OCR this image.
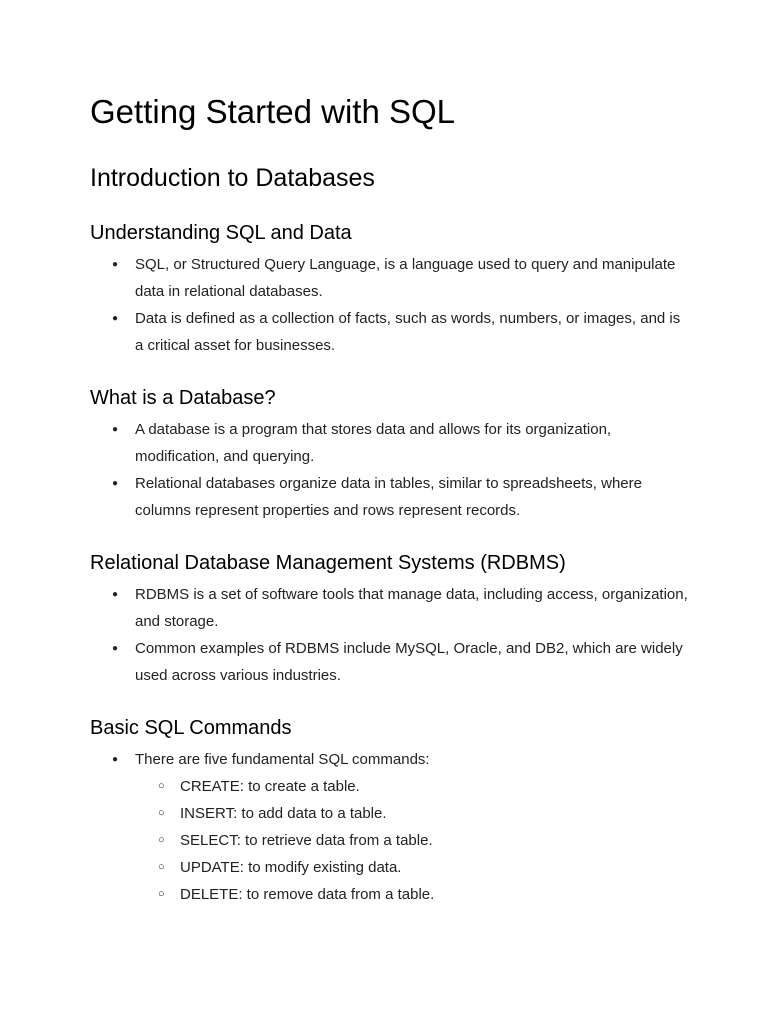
Getting Started with SQL
Introduction to Databases
Understanding SQL and Data
● SQL, or Structured Query Language, is a language used to query and manipulate data in relational databases.
● Data is defined as a collection of facts, such as words, numbers, or images, and is a critical asset for businesses.
What is a Database?
● A database is a program that stores data and allows for its organization, modification, and querying.
● Relational databases organize data in tables, similar to spreadsheets, where columns represent properties and rows represent records.
Relational Database Management Systems (RDBMS)
● RDBMS is a set of software tools that manage data, including access, organization, and storage.
● Common examples of RDBMS include MySQL, Oracle, and DB2, which are widely used across various industries.
Basic SQL Commands
● There are five fundamental SQL commands:
○ CREATE: to create a table.
○ INSERT: to add data to a table.
○ SELECT: to retrieve data from a table.
○ UPDATE: to modify existing data.
○ DELETE: to remove data from a table.
